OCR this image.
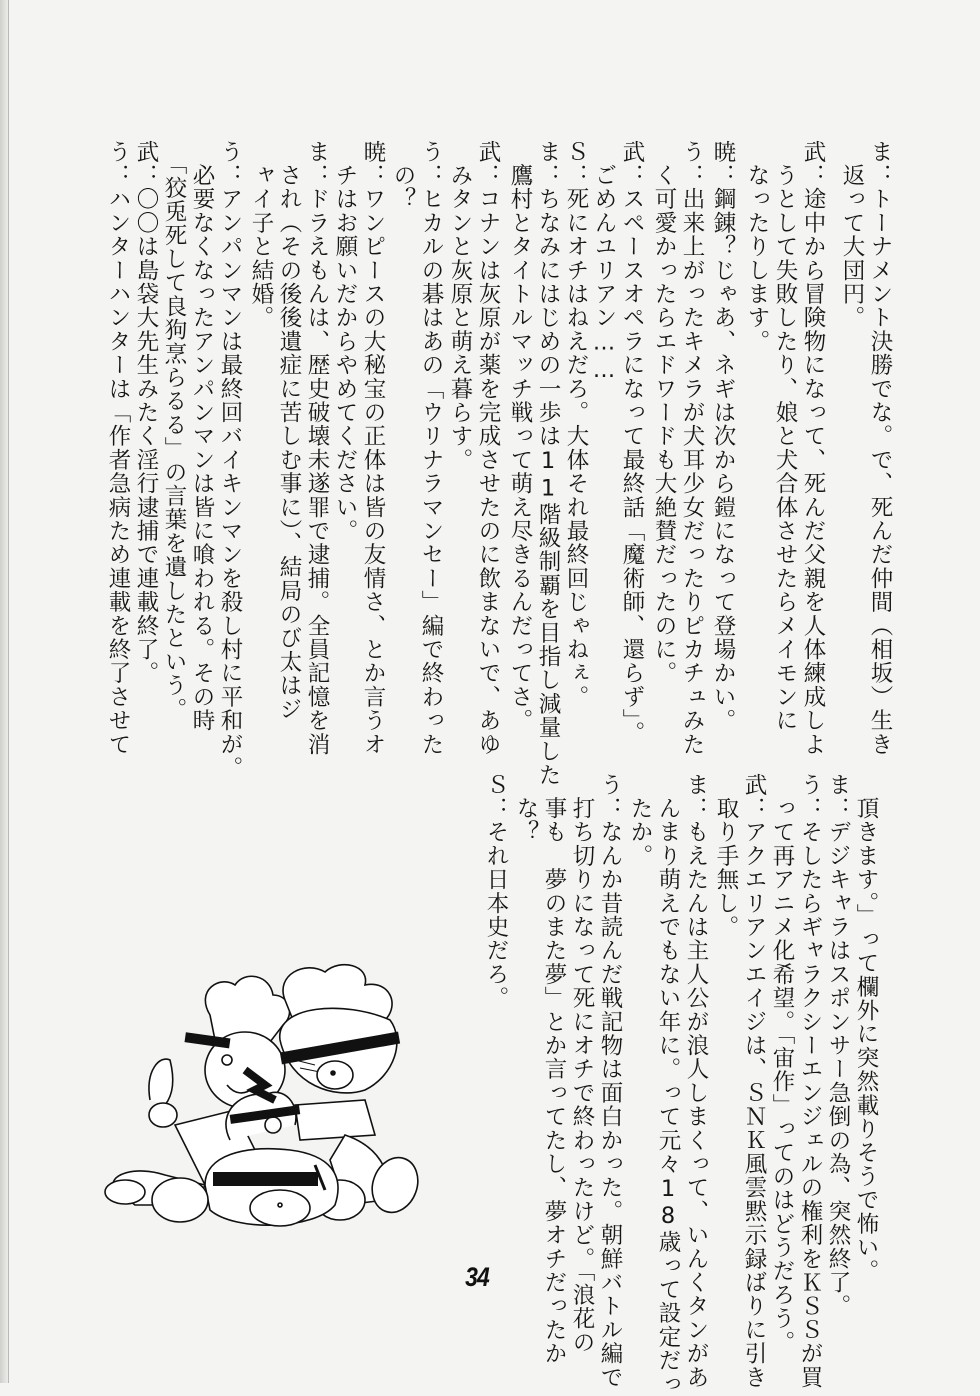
ま：トーナメント決勝でな。で、死んだ仲間（相坂）生き
　返って大団円。
武：途中から冒険物になって、死んだ父親を人体練成しよ
　うとして失敗したり、娘と犬合体させたらメイモンに
　なったりします。
暁：鋼錬？じゃあ、ネギは次から鎧になって登場かい。
う：出来上がったキメラが犬耳少女だったりピカチュみた
　く可愛かったらエドワードも大絶賛だったのに。
武：スペースオペラになって最終話「魔術師、還らず」。
　ごめんユリアン……
Ｓ：死にオチはねえだろ。大体それ最終回じゃねぇ。
ま：ちなみにはじめの一歩は11階級制覇を目指し減量した
　鷹村とタイトルマッチ戦って萌え尽きるんだってさ。
武：コナンは灰原が薬を完成させたのに飲まないで、あゆ
　みタンと灰原と萌え暮らす。
う：ヒカルの碁はあの「ウリナラマンセー」編で終わった
　の？
暁：ワンピースの大秘宝の正体は皆の友情さ、とか言うオ
　チはお願いだからやめてください。
ま：ドラえもんは、歴史破壊未遂罪で逮捕。全員記憶を消
　され（その後後遺症に苦しむ事に）、結局のび太はジ
　ャイ子と結婚。
う：アンパンマンは最終回バイキンマンを殺し村に平和が。
　必要なくなったアンパンマンは皆に喰われる。その時
　「狡兎死して良狗烹らるる」の言葉を遺したという。
武：〇〇は島袋大先生みたく淫行逮捕で連載終了。
う：ハンターハンターは「作者急病ため連載を終了させて
　頂きます。」って欄外に突然載りそうで怖い。
ま：デジキャラはスポンサー急倒の為、突然終了。
う：そしたらギャラクシーエンジェルの権利をＫＳＳが買
　って再アニメ化希望。「宙作」ってのはどうだろう。
武：アクエリアンエイジは、ＳＮＫ風雲黙示録ばりに引き
　取り手無し。
ま：もえたんは主人公が浪人しまくって、いんくタンがあ
　んまり萌えでもない年に。って元々18歳って設定だっ
　たか。
う：なんか昔読んだ戦記物は面白かった。朝鮮バトル編で
　打ち切りになって死にオチで終わったけど。「浪花の
　事も　夢のまた夢」とか言ってたし、夢オチだったか
　な？
Ｓ：それ日本史だろ。
34
